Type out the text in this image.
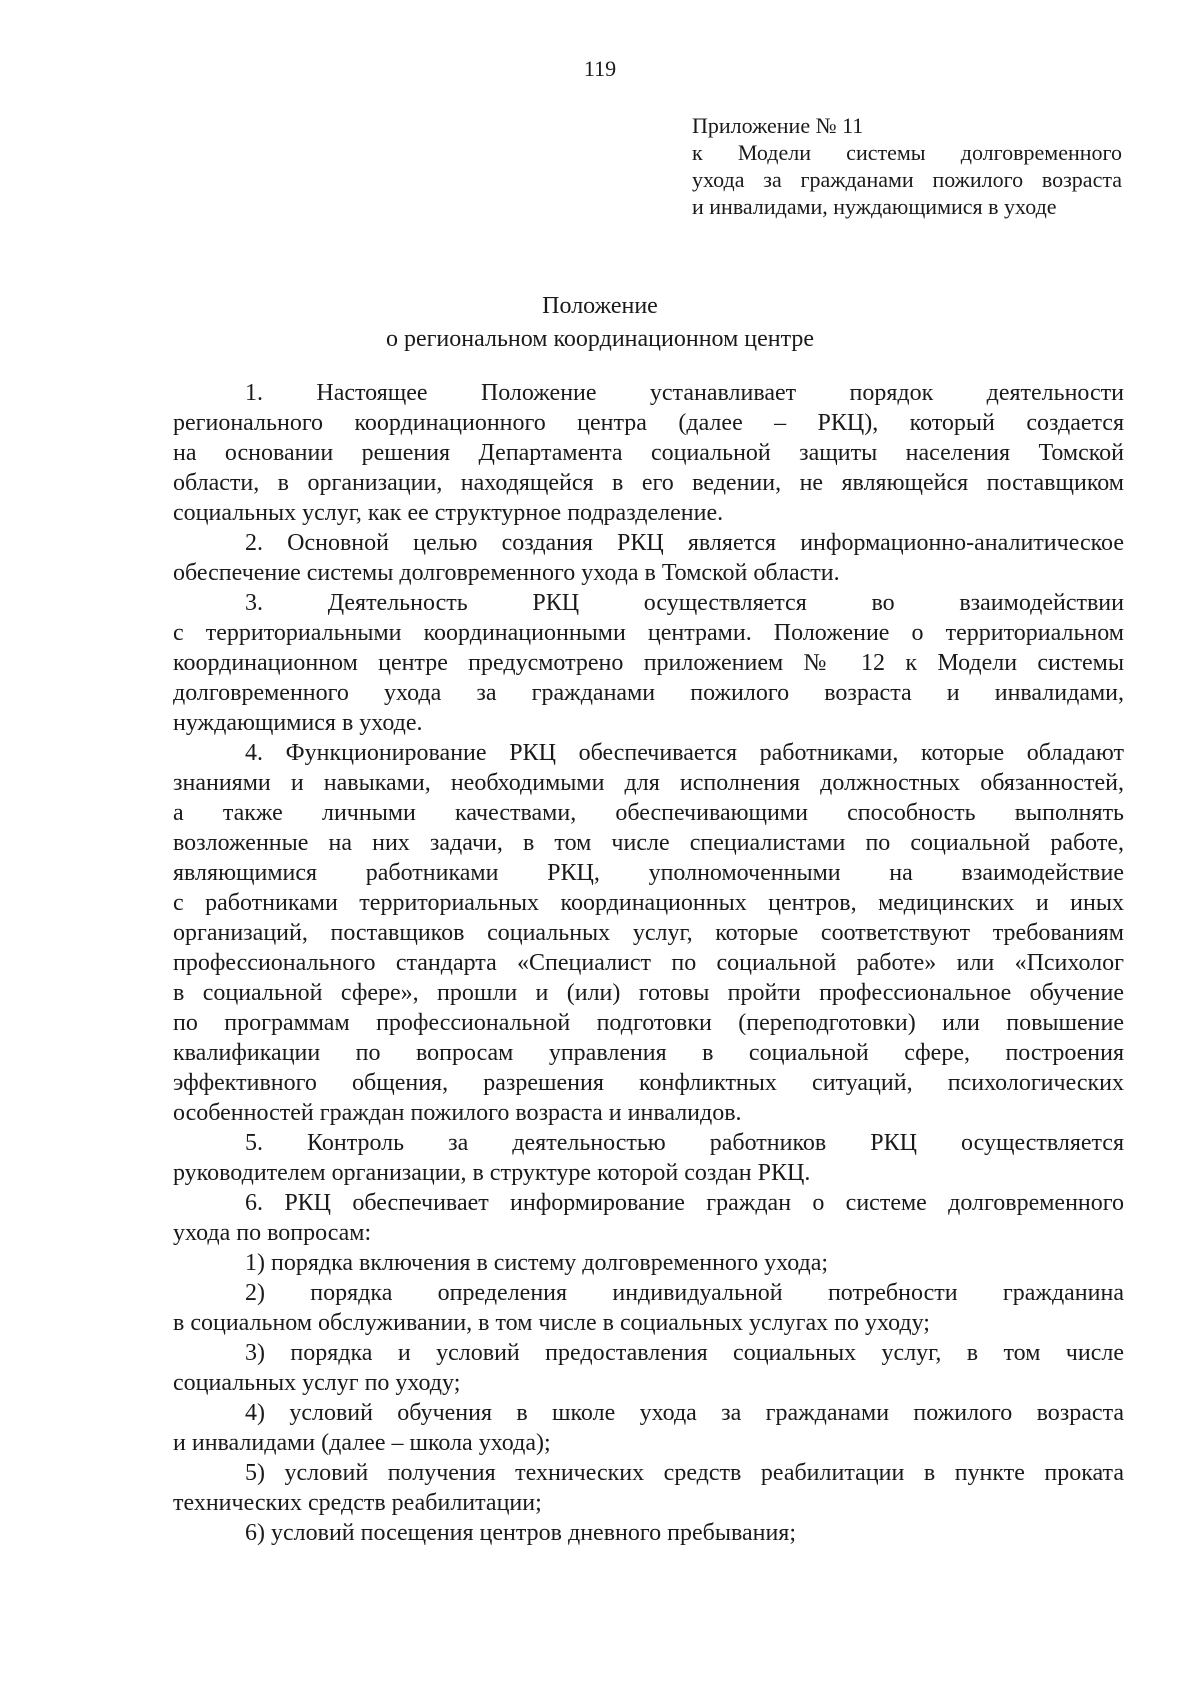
119
Приложение № 11
к Модели системы долговременного
ухода за гражданами пожилого возраста
и инвалидами, нуждающимися в уходе
Положение
о региональном координационном центре
1. Настоящее Положение устанавливает порядок деятельности
регионального координационного центра (далее – РКЦ), который создается
на основании решения Департамента социальной защиты населения Томской
области, в организации, находящейся в его ведении, не являющейся поставщиком
социальных услуг, как ее структурное подразделение.
2. Основной целью создания РКЦ является информационно-аналитическое
обеспечение системы долговременного ухода в Томской области.
3. Деятельность РКЦ осуществляется во взаимодействии
с территориальными координационными центрами. Положение о территориальном
координационном центре предусмотрено приложением № 12 к Модели системы
долговременного ухода за гражданами пожилого возраста и инвалидами,
нуждающимися в уходе.
4. Функционирование РКЦ обеспечивается работниками, которые обладают
знаниями и навыками, необходимыми для исполнения должностных обязанностей,
а также личными качествами, обеспечивающими способность выполнять
возложенные на них задачи, в том числе специалистами по социальной работе,
являющимися работниками РКЦ, уполномоченными на взаимодействие
с работниками территориальных координационных центров, медицинских и иных
организаций, поставщиков социальных услуг, которые соответствуют требованиям
профессионального стандарта «Специалист по социальной работе» или «Психолог
в социальной сфере», прошли и (или) готовы пройти профессиональное обучение
по программам профессиональной подготовки (переподготовки) или повышение
квалификации по вопросам управления в социальной сфере, построения
эффективного общения, разрешения конфликтных ситуаций, психологических
особенностей граждан пожилого возраста и инвалидов.
5. Контроль за деятельностью работников РКЦ осуществляется
руководителем организации, в структуре которой создан РКЦ.
6. РКЦ обеспечивает информирование граждан о системе долговременного
ухода по вопросам:
1) порядка включения в систему долговременного ухода;
2) порядка определения индивидуальной потребности гражданина
в социальном обслуживании, в том числе в социальных услугах по уходу;
3) порядка и условий предоставления социальных услуг, в том числе
социальных услуг по уходу;
4) условий обучения в школе ухода за гражданами пожилого возраста
и инвалидами (далее – школа ухода);
5) условий получения технических средств реабилитации в пункте проката
технических средств реабилитации;
6) условий посещения центров дневного пребывания;
